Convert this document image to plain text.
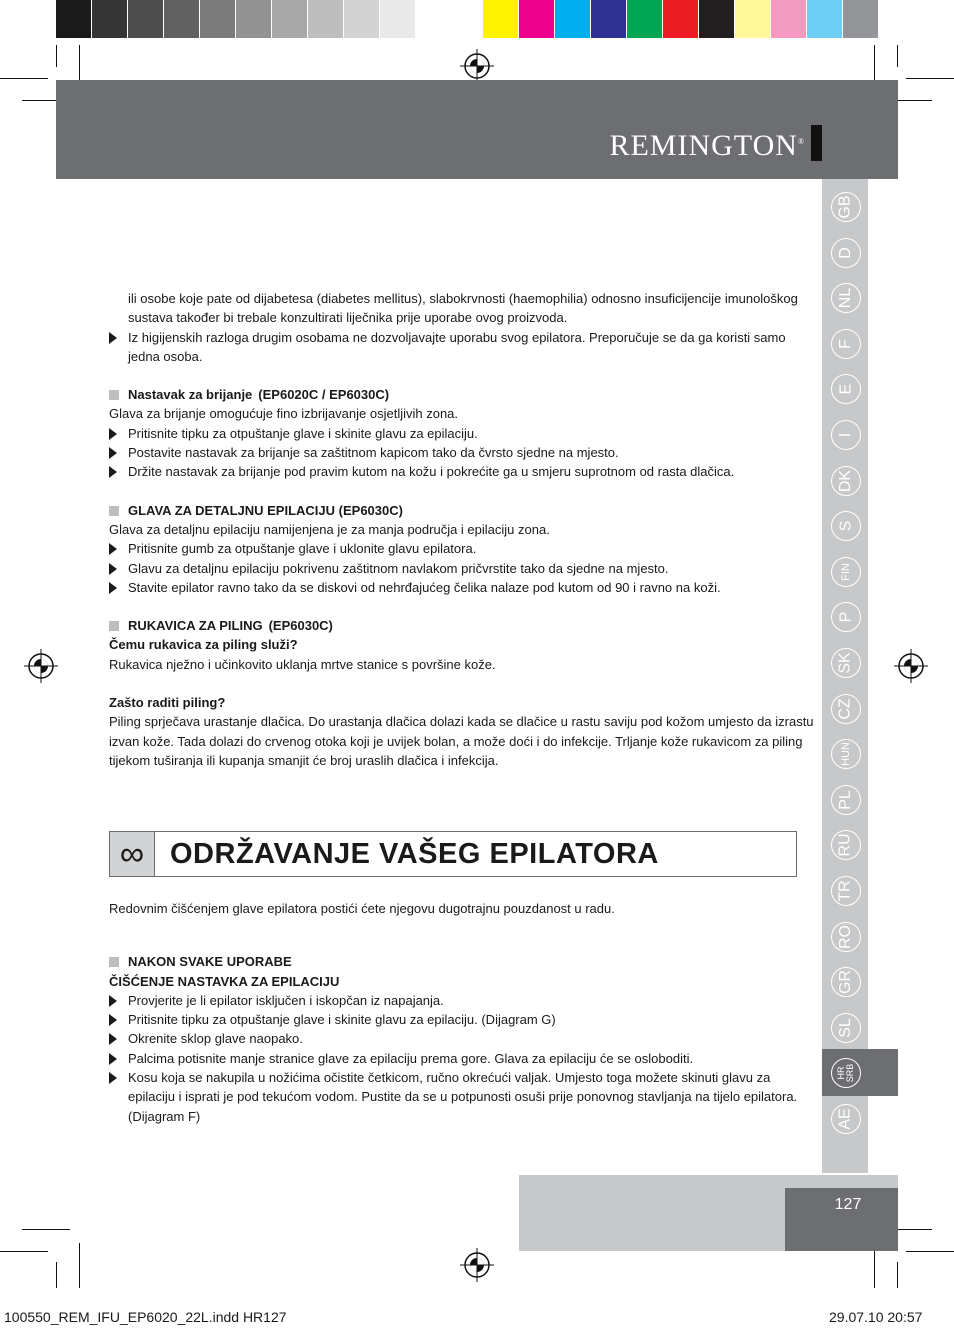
REMINGTON®
GB
D
NL
F
E
I
DK
S
FIN
P
SK
CZ
HUN
PL
RU
TR
RO
GR
SL
HR
SRB
AE

ili osobe koje pate od dijabetesa (diabetes mellitus), slabokrvnosti (haemophilia) odnosno insuficijencije imunološkog sustava također bi trebale konzultirati liječnika prije uporabe ovog proizvoda.

Iz higijenskih razloga drugim osobama ne dozvoljavajte uporabu svog epilatora. Preporučuje se da ga koristi samo jedna osoba.

Nastavak za brijanje (EP6020C / EP6030C)

Glava za brijanje omogućuje fino izbrijavanje osjetljivih zona.

Pritisnite tipku za otpuštanje glave i skinite glavu za epilaciju.

Postavite nastavak za brijanje sa zaštitnom kapicom tako da čvrsto sjedne na mjesto.

Držite nastavak za brijanje pod pravim kutom na kožu i pokrećite ga u smjeru suprotnom od rasta dlačica.

GLAVA ZA DETALJNU EPILACIJU (EP6030C)

Glava za detaljnu epilaciju namijenjena je za manja područja i epilaciju zona.

Pritisnite gumb za otpuštanje glave i uklonite glavu epilatora.

Glavu za detaljnu epilaciju pokrivenu zaštitnom navlakom pričvrstite tako da sjedne na mjesto.

Stavite epilator ravno tako da se diskovi od nehrđajućeg čelika nalaze pod kutom od 90 i ravno na koži.

RUKAVICA ZA PILING (EP6030C)

Čemu rukavica za piling služi?

Rukavica nježno i učinkovito uklanja mrtve stanice s površine kože.

Zašto raditi piling?

Piling sprječava urastanje dlačica. Do urastanja dlačica dolazi kada se dlačice u rastu saviju pod kožom umjesto da izrastu izvan kože. Tada dolazi do crvenog otoka koji je uvijek bolan, a može doći i do infekcije. Trljanje kože rukavicom za piling tijekom tuširanja ili kupanja smanjit će broj uraslih dlačica i infekcija.

∞ ODRŽAVANJE VAŠEG EPILATORA

Redovnim čišćenjem glave epilatora postići ćete njegovu dugotrajnu pouzdanost u radu.

NAKON SVAKE UPORABE

ČIŠĆENJE NASTAVKA ZA EPILACIJU

Provjerite je li epilator isključen i iskopčan iz napajanja.

Pritisnite tipku za otpuštanje glave i skinite glavu za epilaciju. (Dijagram G)

Okrenite sklop glave naopako.

Palcima potisnite manje stranice glave za epilaciju prema gore. Glava za epilaciju će se osloboditi.

Kosu koja se nakupila u nožićima očistite četkicom, ručno okrećući valjak. Umjesto toga možete skinuti glavu za epilaciju i isprati je pod tekućom vodom. Pustite da se u potpunosti osuši prije ponovnog stavljanja na tijelo epilatora. (Dijagram F)

127
100550_REM_IFU_EP6020_22L.indd HR127	29.07.10 20:57
